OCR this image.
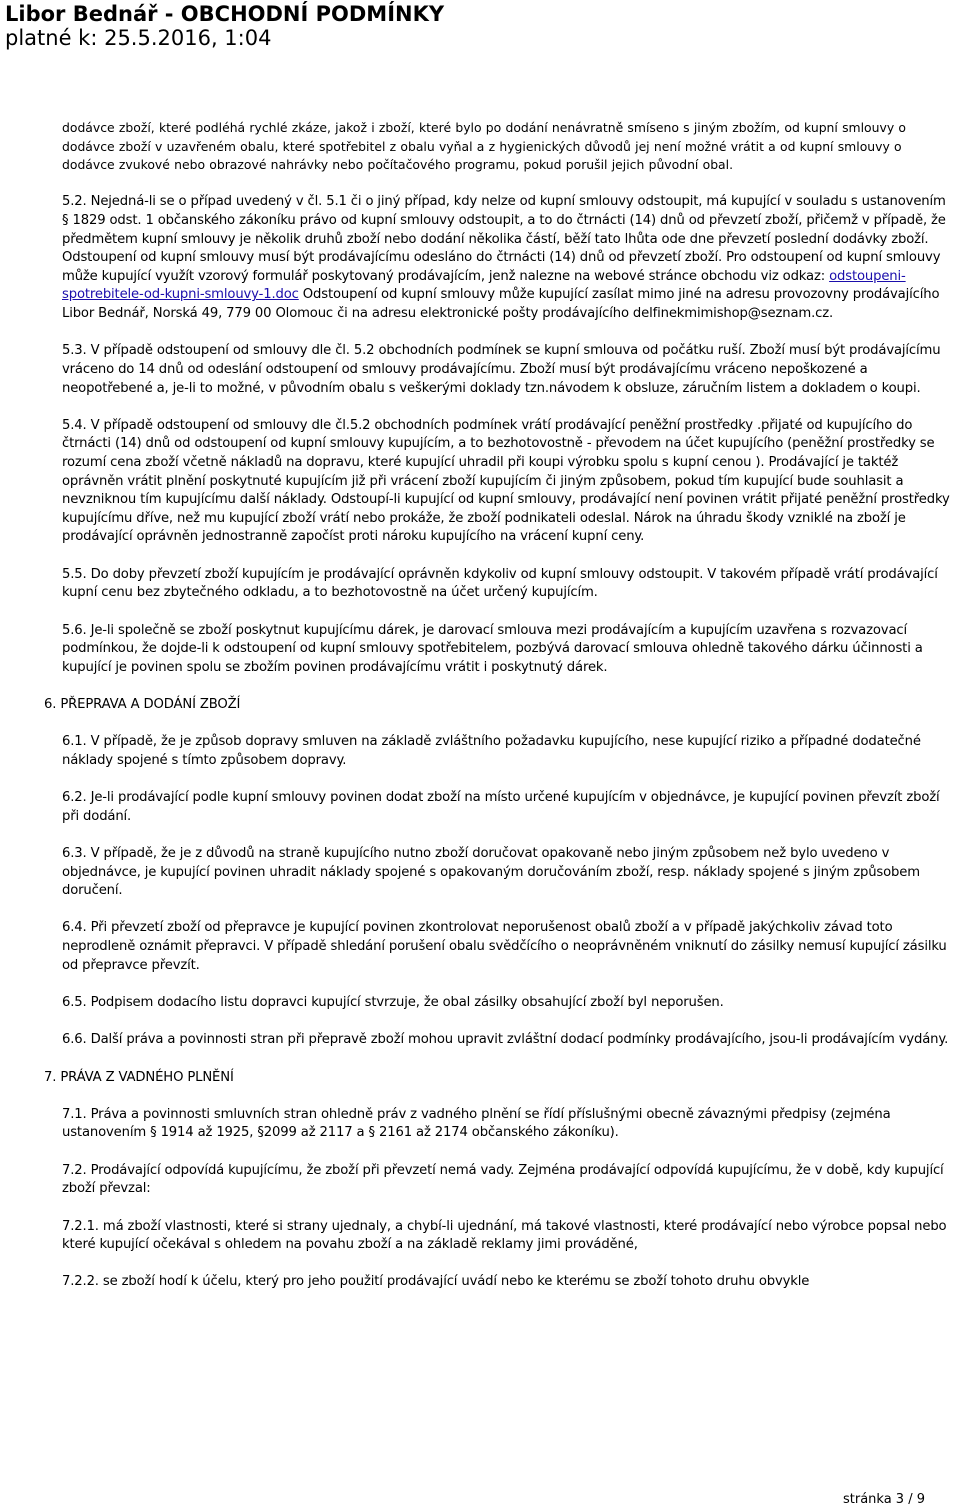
Libor Bednář - OBCHODNÍ PODMÍNKY
platné k: 25.5.2016, 1:04

dodávce zboží, které podléhá rychlé zkáze, jakož i zboží, které bylo po dodání nenávratně smíseno s jiným zbožím, od kupní smlouvy o dodávce zboží v uzavřeném obalu, které spotřebitel z obalu vyňal a z hygienických důvodů jej není možné vrátit a od kupní smlouvy o dodávce zvukové nebo obrazové nahrávky nebo počítačového programu, pokud porušil jejich původní obal.

5.2. Nejedná-li se o případ uvedený v čl. 5.1 či o jiný případ, kdy nelze od kupní smlouvy odstoupit, má kupující v souladu s ustanovením § 1829 odst. 1 občanského zákoníku právo od kupní smlouvy odstoupit, a to do čtrnácti (14) dnů od převzetí zboží, přičemž v případě, že předmětem kupní smlouvy je několik druhů zboží nebo dodání několika částí, běží tato lhůta ode dne převzetí poslední dodávky zboží. Odstoupení od kupní smlouvy musí být prodávajícímu odesláno do čtrnácti (14) dnů od převzetí zboží. Pro odstoupení od kupní smlouvy může kupující využít vzorový formulář poskytovaný prodávajícím, jenž nalezne na webové stránce obchodu viz odkaz: odstoupeni-spotrebitele-od-kupni-smlouvy-1.doc Odstoupení od kupní smlouvy může kupující zasílat mimo jiné na adresu provozovny prodávajícího Libor Bednář, Norská 49, 779 00 Olomouc či na adresu elektronické pošty prodávajícího delfinekmimishop@seznam.cz.

5.3. V případě odstoupení od smlouvy dle čl. 5.2 obchodních podmínek se kupní smlouva od počátku ruší. Zboží musí být prodávajícímu vráceno do 14 dnů od odeslání odstoupení od smlouvy prodávajícímu. Zboží musí být prodávajícímu vráceno nepoškozené a neopotřebené a, je-li to možné, v původním obalu s veškerými doklady tzn.návodem k obsluze, záručním listem a dokladem o koupi.

5.4. V případě odstoupení od smlouvy dle čl.5.2 obchodních podmínek vrátí prodávající peněžní prostředky .přijaté od kupujícího do čtrnácti (14) dnů od odstoupení od kupní smlouvy kupujícím, a to bezhotovostně - převodem na účet kupujícího (peněžní prostředky se rozumí cena zboží včetně nákladů na dopravu, které kupující uhradil při koupi výrobku spolu s kupní cenou ). Prodávající je taktéž oprávněn vrátit plnění poskytnuté kupujícím již při vrácení zboží kupujícím či jiným způsobem, pokud tím kupující bude souhlasit a nevzniknou tím kupujícímu další náklady. Odstoupí-li kupující od kupní smlouvy, prodávající není povinen vrátit přijaté peněžní prostředky kupujícímu dříve, než mu kupující zboží vrátí nebo prokáže, že zboží podnikateli odeslal. Nárok na úhradu škody vzniklé na zboží je prodávající oprávněn jednostranně započíst proti nároku kupujícího na vrácení kupní ceny.

5.5. Do doby převzetí zboží kupujícím je prodávající oprávněn kdykoliv od kupní smlouvy odstoupit. V takovém případě vrátí prodávající kupní cenu bez zbytečného odkladu, a to bezhotovostně na účet určený kupujícím.

5.6. Je-li společně se zboží poskytnut kupujícímu dárek, je darovací smlouva mezi prodávajícím a kupujícím uzavřena s rozvazovací podmínkou, že dojde-li k odstoupení od kupní smlouvy spotřebitelem, pozbývá darovací smlouva ohledně takového dárku účinnosti a kupující je povinen spolu se zbožím povinen prodávajícímu vrátit i poskytnutý dárek.

6. PŘEPRAVA A DODÁNÍ ZBOŽÍ

6.1. V případě, že je způsob dopravy smluven na základě zvláštního požadavku kupujícího, nese kupující riziko a případné dodatečné náklady spojené s tímto způsobem dopravy.

6.2. Je-li prodávající podle kupní smlouvy povinen dodat zboží na místo určené kupujícím v objednávce, je kupující povinen převzít zboží při dodání.

6.3. V případě, že je z důvodů na straně kupujícího nutno zboží doručovat opakovaně nebo jiným způsobem než bylo uvedeno v objednávce, je kupující povinen uhradit náklady spojené s opakovaným doručováním zboží, resp. náklady spojené s jiným způsobem doručení.

6.4. Při převzetí zboží od přepravce je kupující povinen zkontrolovat neporušenost obalů zboží a v případě jakýchkoliv závad toto neprodleně oznámit přepravci. V případě shledání porušení obalu svědčícího o neoprávněném vniknutí do zásilky nemusí kupující zásilku od přepravce převzít.

6.5. Podpisem dodacího listu dopravci kupující stvrzuje, že obal zásilky obsahující zboží byl neporušen.

6.6. Další práva a povinnosti stran při přepravě zboží mohou upravit zvláštní dodací podmínky prodávajícího, jsou-li prodávajícím vydány.

7. PRÁVA Z VADNÉHO PLNĚNÍ

7.1. Práva a povinnosti smluvních stran ohledně práv z vadného plnění se řídí příslušnými obecně závaznými předpisy (zejména ustanovením § 1914 až 1925, §2099 až 2117 a § 2161 až 2174 občanského zákoníku).

7.2. Prodávající odpovídá kupujícímu, že zboží při převzetí nemá vady. Zejména prodávající odpovídá kupujícímu, že v době, kdy kupující zboží převzal:

7.2.1. má zboží vlastnosti, které si strany ujednaly, a chybí-li ujednání, má takové vlastnosti, které prodávající nebo výrobce popsal nebo které kupující očekával s ohledem na povahu zboží a na základě reklamy jimi prováděné,

7.2.2. se zboží hodí k účelu, který pro jeho použití prodávající uvádí nebo ke kterému se zboží tohoto druhu obvykle

stránka 3 / 9
